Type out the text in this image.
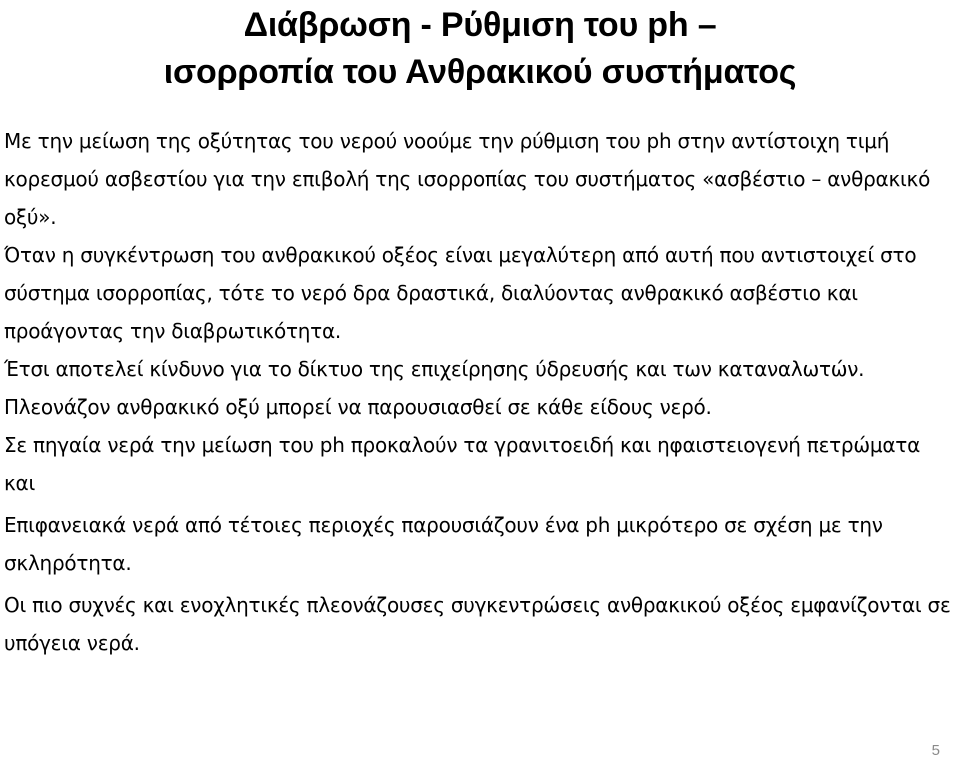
Διάβρωση - Ρύθμιση του ph –
ισορροπία του Ανθρακικού συστήματος

Με την μείωση της οξύτητας του νερού νοούμε την ρύθμιση του ph στην αντίστοιχη τιμή κορεσμού ασβεστίου για την επιβολή της ισορροπίας του συστήματος «ασβέστιο – ανθρακικό οξύ».

Όταν η συγκέντρωση του ανθρακικού οξέος είναι μεγαλύτερη από αυτή που αντιστοιχεί στο σύστημα ισορροπίας, τότε το νερό δρα δραστικά, διαλύοντας ανθρακικό ασβέστιο και προάγοντας την διαβρωτικότητα.

Έτσι αποτελεί κίνδυνο για το δίκτυο της επιχείρησης ύδρευσής και των καταναλωτών.

Πλεονάζον ανθρακικό οξύ μπορεί να παρουσιασθεί σε κάθε είδους νερό.

Σε πηγαία νερά την μείωση του ph προκαλούν τα γρανιτοειδή και ηφαιστειογενή πετρώματα και

Επιφανειακά νερά από τέτοιες περιοχές παρουσιάζουν ένα ph μικρότερο σε σχέση με την σκληρότητα.

Οι πιο συχνές και ενοχλητικές πλεονάζουσες συγκεντρώσεις ανθρακικού οξέος εμφανίζονται σε υπόγεια νερά.

5
